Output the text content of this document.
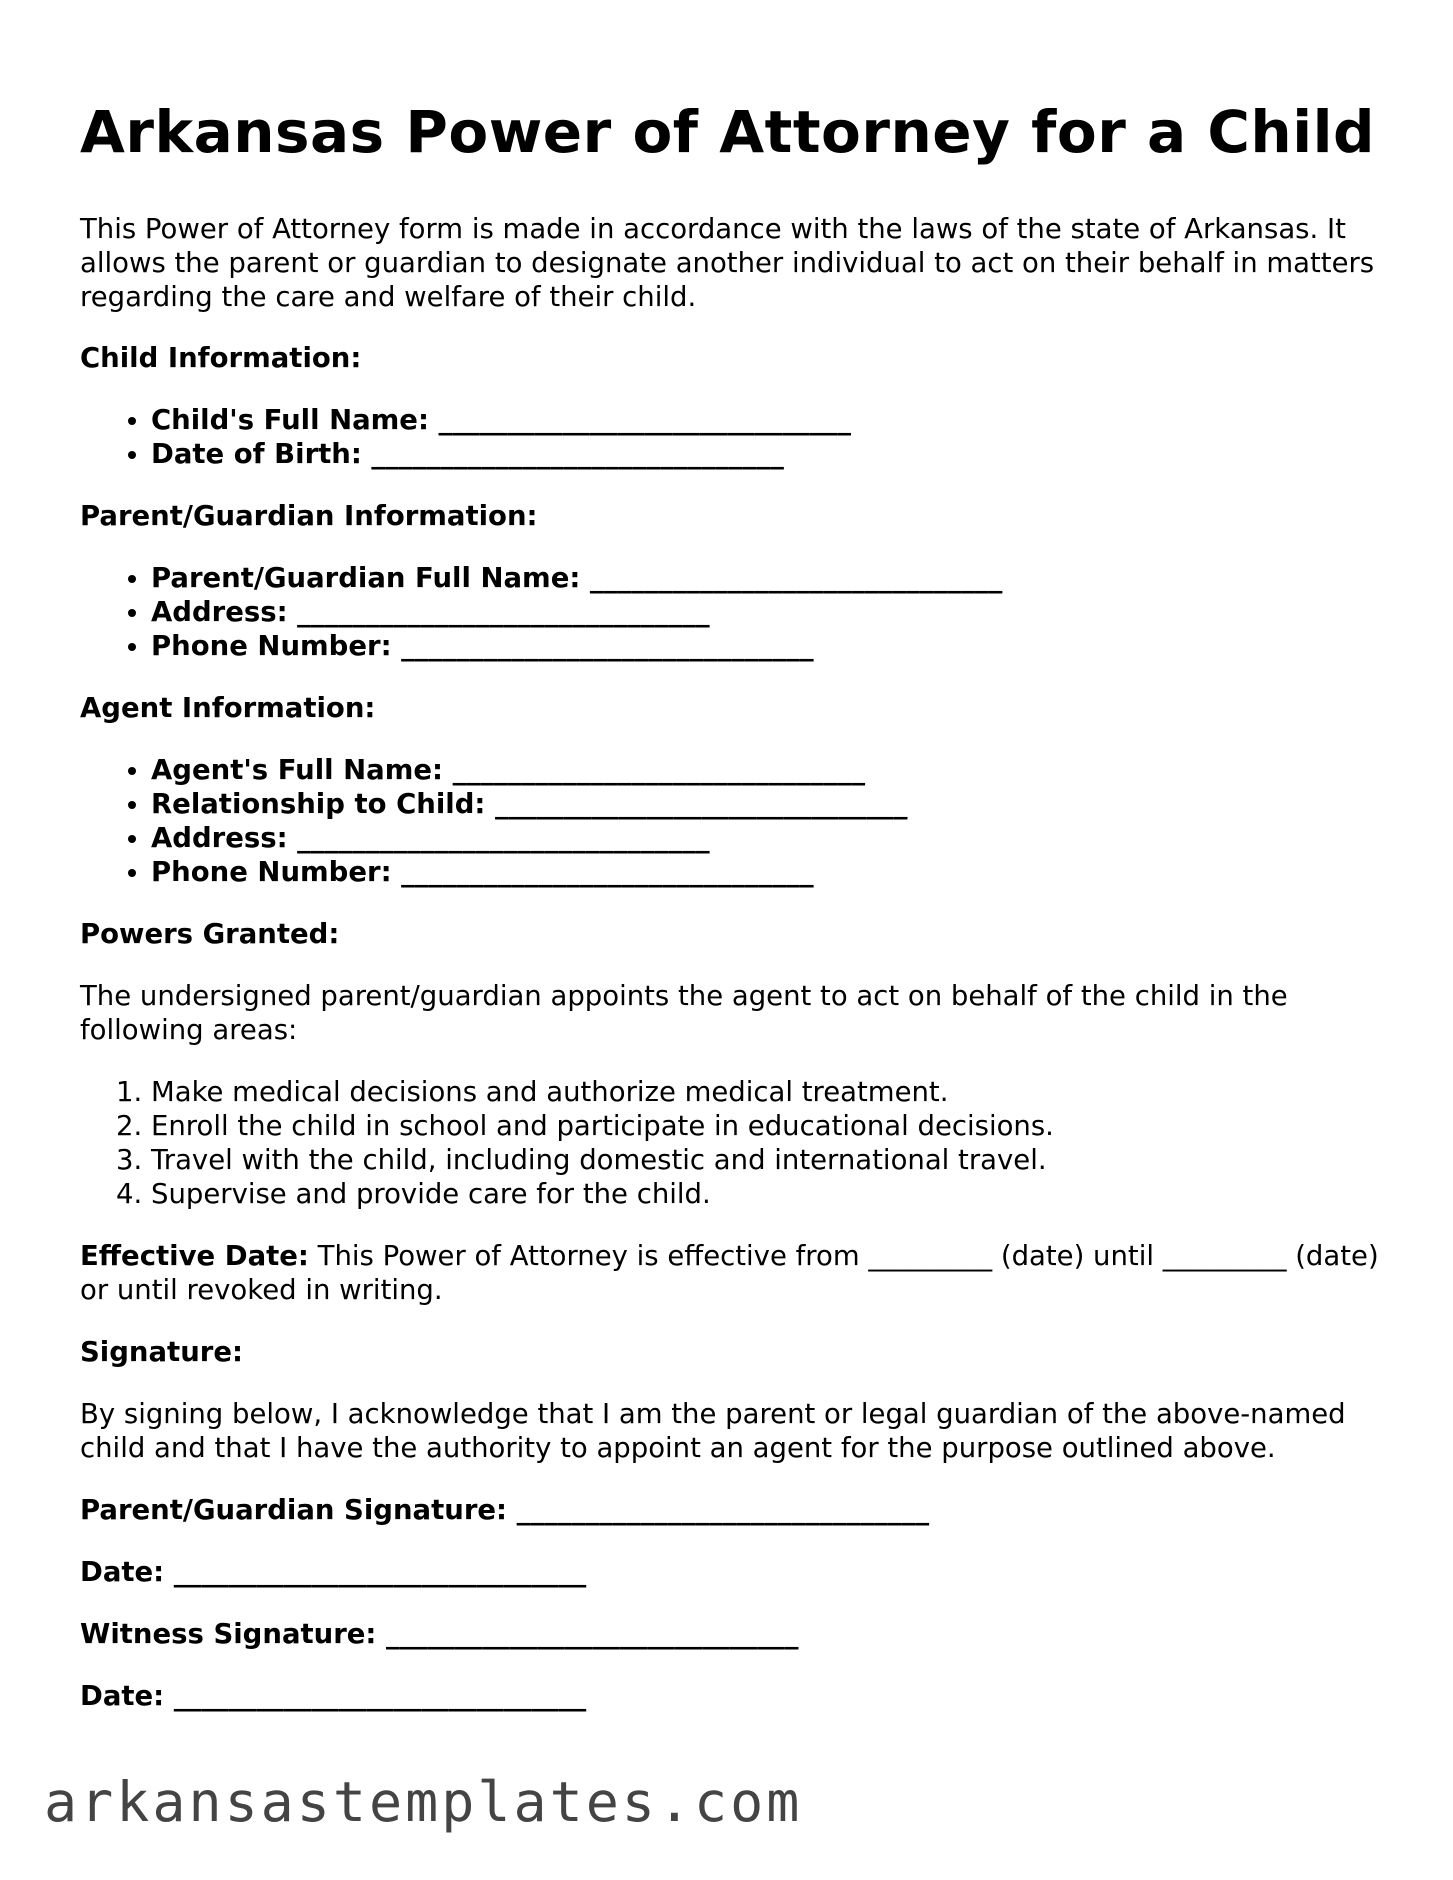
Arkansas Power of Attorney for a Child

This Power of Attorney form is made in accordance with the laws of the state of Arkansas. It allows the parent or guardian to designate another individual to act on their behalf in matters regarding the care and welfare of their child.

Child Information:
• Child's Full Name: ______________________________
• Date of Birth: ______________________________
Parent/Guardian Information:
• Parent/Guardian Full Name: ______________________________
• Address: ______________________________
• Phone Number: ______________________________
Agent Information:
• Agent's Full Name: ______________________________
• Relationship to Child: ______________________________
• Address: ______________________________
• Phone Number: ______________________________
Powers Granted:

The undersigned parent/guardian appoints the agent to act on behalf of the child in the following areas:

1. Make medical decisions and authorize medical treatment.
2. Enroll the child in school and participate in educational decisions.
3. Travel with the child, including domestic and international travel.
4. Supervise and provide care for the child.

Effective Date: This Power of Attorney is effective from _________ (date) until _________ (date) or until revoked in writing.

Signature:

By signing below, I acknowledge that I am the parent or legal guardian of the above-named child and that I have the authority to appoint an agent for the purpose outlined above.

Parent/Guardian Signature: ______________________________
Date: ______________________________
Witness Signature: ______________________________
Date: ______________________________
arkansastemplates.com
